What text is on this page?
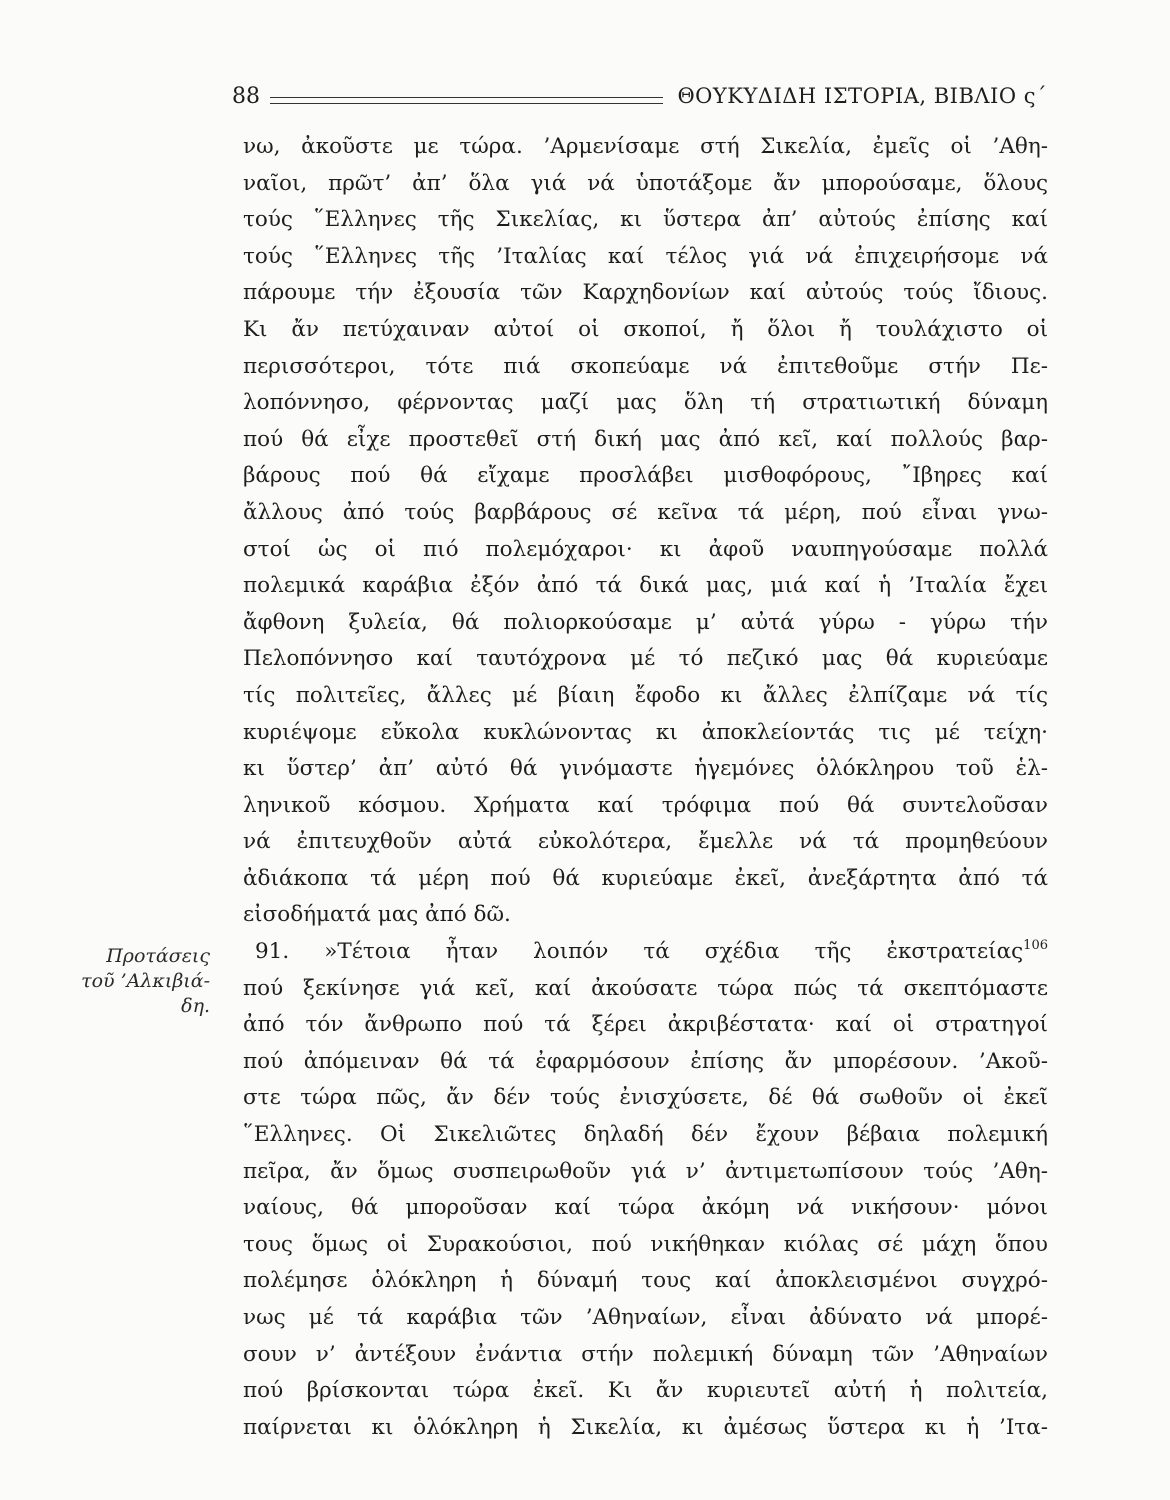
88	ΘΟΥΚΥΔΙΔΗ ΙΣΤΟΡΙΑ, ΒΙΒΛΙΟ ς´
Προτάσεις
τοῦ ’Αλκιβιά-
δη.
νω, ἀκοῦστε με τώρα. ’Αρμενίσαμε στή Σικελία, ἐμεῖς οἱ ’Αθη-
ναῖοι, πρῶτ’ ἀπ’ ὅλα γιά νά ὑποτάξομε ἄν μπορούσαμε, ὅλους
τούς ῞Ελληνες τῆς Σικελίας, κι ὕστερα ἀπ’ αὐτούς ἐπίσης καί
τούς ῞Ελληνες τῆς ’Ιταλίας καί τέλος γιά νά ἐπιχειρήσομε νά
πάρουμε τήν ἐξουσία τῶν Καρχηδονίων καί αὐτούς τούς ἴδιους.
Κι ἄν πετύχαιναν αὐτοί οἱ σκοποί, ἤ ὅλοι ἤ τουλάχιστο οἱ
περισσότεροι, τότε πιά σκοπεύαμε νά ἐπιτεθοῦμε στήν Πε-
λοπόννησο, φέρνοντας μαζί μας ὅλη τή στρατιωτική δύναμη
πού θά εἶχε προστεθεῖ στή δική μας ἀπό κεῖ, καί πολλούς βαρ-
βάρους πού θά εἴχαμε προσλάβει μισθοφόρους, ῎Ιβηρες καί
ἄλλους ἀπό τούς βαρβάρους σέ κεῖνα τά μέρη, πού εἶναι γνω-
στοί ὡς οἱ πιό πολεμόχαροι· κι ἀφοῦ ναυπηγούσαμε πολλά
πολεμικά καράβια ἐξόν ἀπό τά δικά μας, μιά καί ἡ ’Ιταλία ἔχει
ἄφθονη ξυλεία, θά πολιορκούσαμε μ’ αὐτά γύρω - γύρω τήν
Πελοπόννησο καί ταυτόχρονα μέ τό πεζικό μας θά κυριεύαμε
τίς πολιτεῖες, ἄλλες μέ βίαιη ἔφοδο κι ἄλλες ἐλπίζαμε νά τίς
κυριέψομε εὔκολα κυκλώνοντας κι ἀποκλείοντάς τις μέ τείχη·
κι ὕστερ’ ἀπ’ αὐτό θά γινόμαστε ἡγεμόνες ὁλόκληρου τοῦ ἑλ-
ληνικοῦ κόσμου. Χρήματα καί τρόφιμα πού θά συντελοῦσαν
νά ἐπιτευχθοῦν αὐτά εὐκολότερα, ἔμελλε νά τά προμηθεύουν
ἀδιάκοπα τά μέρη πού θά κυριεύαμε ἐκεῖ, ἀνεξάρτητα ἀπό τά
εἰσοδήματά μας ἀπό δῶ.
91. »Τέτοια ἦταν λοιπόν τά σχέδια τῆς ἐκστρατείας$^{106}$
πού ξεκίνησε γιά κεῖ, καί ἀκούσατε τώρα πώς τά σκεπτόμαστε
ἀπό τόν ἄνθρωπο πού τά ξέρει ἀκριβέστατα· καί οἱ στρατηγοί
πού ἀπόμειναν θά τά ἐφαρμόσουν ἐπίσης ἄν μπορέσουν. ’Ακοῦ-
στε τώρα πῶς, ἄν δέν τούς ἐνισχύσετε, δέ θά σωθοῦν οἱ ἐκεῖ
῞Ελληνες. Οἱ Σικελιῶτες δηλαδή δέν ἔχουν βέβαια πολεμική
πεῖρα, ἄν ὅμως συσπειρωθοῦν γιά ν’ ἀντιμετωπίσουν τούς ’Αθη-
ναίους, θά μποροῦσαν καί τώρα ἀκόμη νά νικήσουν· μόνοι
τους ὅμως οἱ Συρακούσιοι, πού νικήθηκαν κιόλας σέ μάχη ὅπου
πολέμησε ὁλόκληρη ἡ δύναμή τους καί ἀποκλεισμένοι συγχρό-
νως μέ τά καράβια τῶν ’Αθηναίων, εἶναι ἀδύνατο νά μπορέ-
σουν ν’ ἀντέξουν ἐνάντια στήν πολεμική δύναμη τῶν ’Αθηναίων
πού βρίσκονται τώρα ἐκεῖ. Κι ἄν κυριευτεῖ αὐτή ἡ πολιτεία,
παίρνεται κι ὁλόκληρη ἡ Σικελία, κι ἀμέσως ὕστερα κι ἡ ’Ιτα-
